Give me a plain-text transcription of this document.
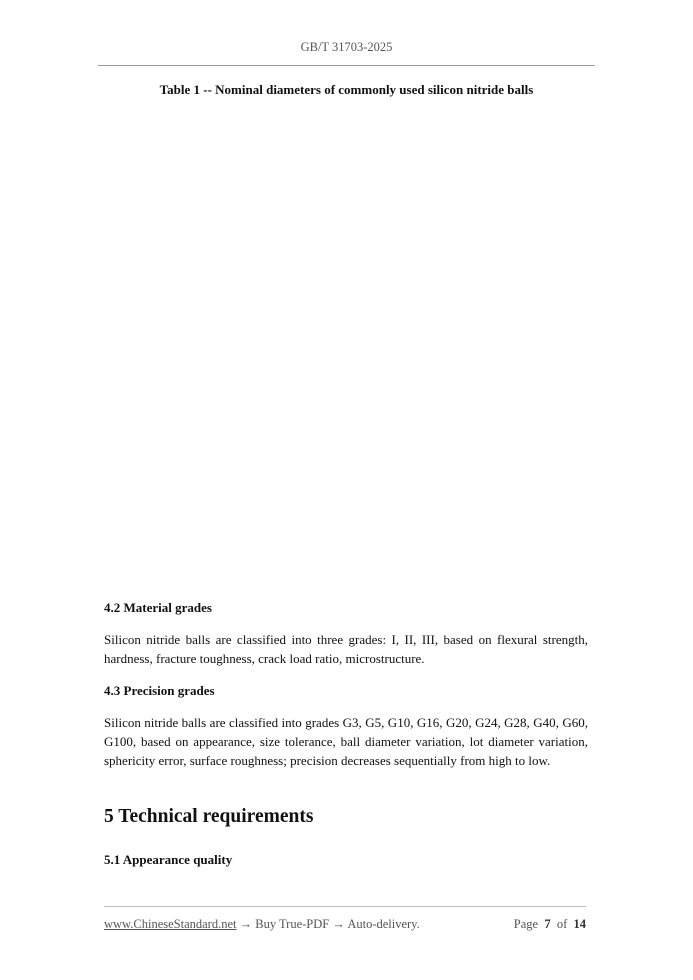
GB/T 31703-2025
Table 1 -- Nominal diameters of commonly used silicon nitride balls
4.2 Material grades
Silicon nitride balls are classified into three grades: I, II, III, based on flexural strength, hardness, fracture toughness, crack load ratio, microstructure.
4.3 Precision grades
Silicon nitride balls are classified into grades G3, G5, G10, G16, G20, G24, G28, G40, G60, G100, based on appearance, size tolerance, ball diameter variation, lot diameter variation, sphericity error, surface roughness; precision decreases sequentially from high to low.
5 Technical requirements
5.1 Appearance quality
www.ChineseStandard.net → Buy True-PDF → Auto-delivery.	Page 7 of 14
